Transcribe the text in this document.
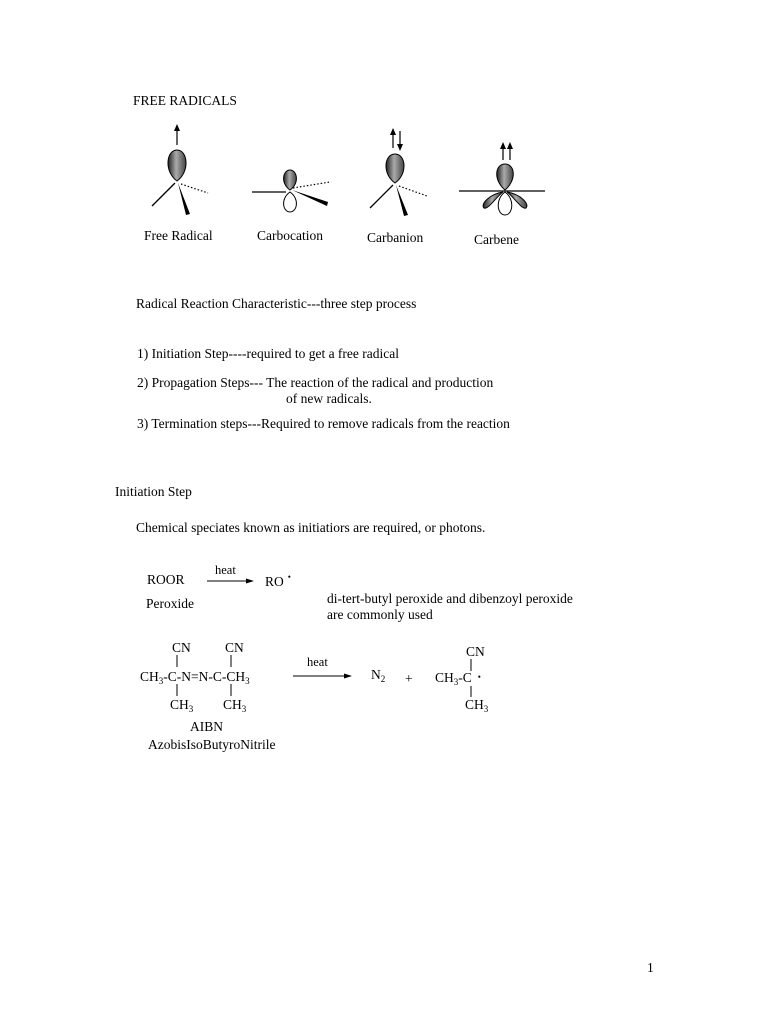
FREE RADICALS
Free Radical	Carbocation	Carbanion	Carbene
Radical Reaction Characteristic---three step process
1) Initiation Step----required to get a free radical
2) Propagation Steps--- The reaction of the radical and production
of new radicals.
3) Termination steps---Required to remove radicals from the reaction
Initiation Step
Chemical speciates known as initiatiors are required, or photons.
ROOR
heat
→ RO •
Peroxide	di-tert-butyl peroxide and dibenzoyl peroxide
are commonly used
CN	CN
$CH_3-C-N=N-C-CH_3$
$CH_3$ $CH_3$
heat
$N_2$ +
CN
$CH_3-C$ •
$CH_3$
AIBN
AzobisIsoButyroNitrile
1
